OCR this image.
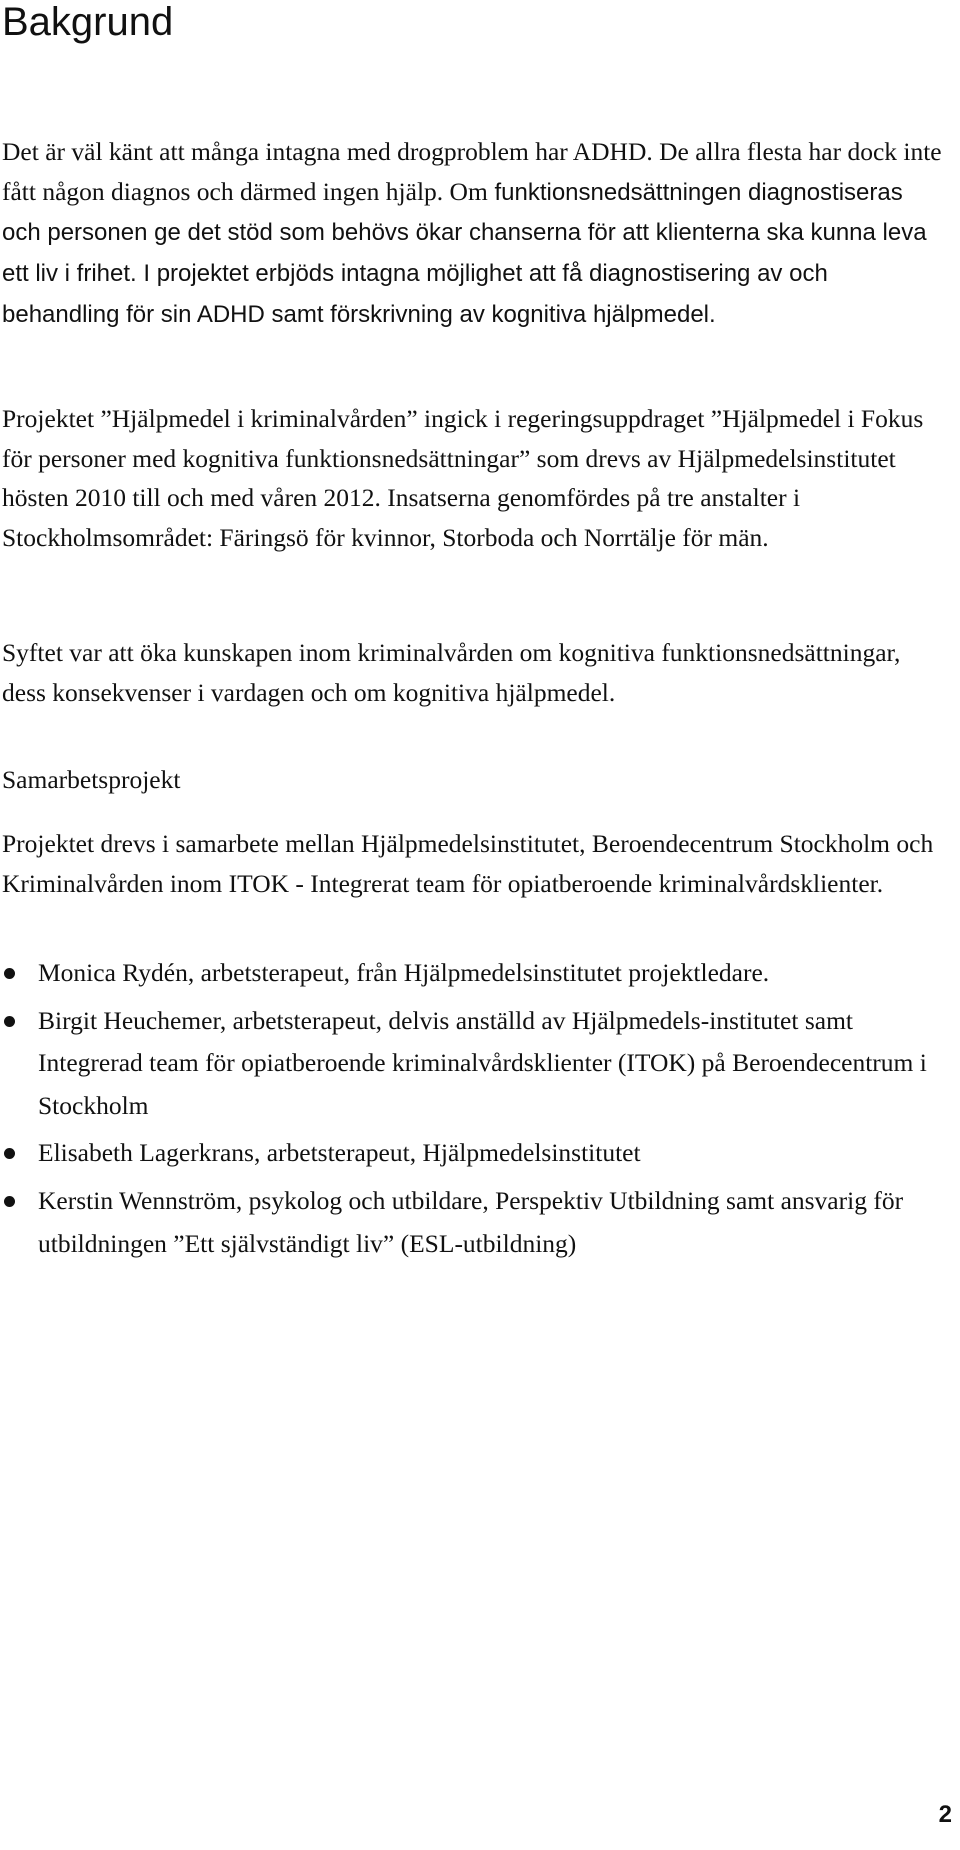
Bakgrund

Det är väl känt att många intagna med drogproblem har ADHD. De allra flesta har dock inte fått någon diagnos och därmed ingen hjälp. Om funktionsnedsättningen diagnostiseras och personen ge det stöd som behövs ökar chanserna för att klienterna ska kunna leva ett liv i frihet. I projektet erbjöds intagna möjlighet att få diagnostisering av och behandling för sin ADHD samt förskrivning av kognitiva hjälpmedel.

Projektet ”Hjälpmedel i kriminalvården” ingick i regeringsuppdraget ”Hjälpmedel i Fokus för personer med kognitiva funktionsnedsättningar” som drevs av Hjälpmedelsinstitutet hösten 2010 till och med våren 2012. Insatserna genomfördes på tre anstalter i Stockholmsområdet: Färingsö för kvinnor, Storboda och Norrtälje för män.

Syftet var att öka kunskapen inom kriminalvården om kognitiva funktionsnedsättningar, dess konsekvenser i vardagen och om kognitiva hjälpmedel.

Samarbetsprojekt

Projektet drevs i samarbete mellan Hjälpmedelsinstitutet, Beroendecentrum Stockholm och Kriminalvården inom ITOK - Integrerat team för opiatberoende kriminalvårdsklienter.

Monica Rydén, arbetsterapeut, från Hjälpmedelsinstitutet projektledare.
Birgit Heuchemer, arbetsterapeut, delvis anställd av Hjälpmedels-institutet samt Integrerad team för opiatberoende kriminalvårdsklienter (ITOK) på Beroendecentrum i Stockholm
Elisabeth Lagerkrans, arbetsterapeut, Hjälpmedelsinstitutet
Kerstin Wennström, psykolog och utbildare, Perspektiv Utbildning samt ansvarig för utbildningen ”Ett självständigt liv” (ESL-utbildning)
2
